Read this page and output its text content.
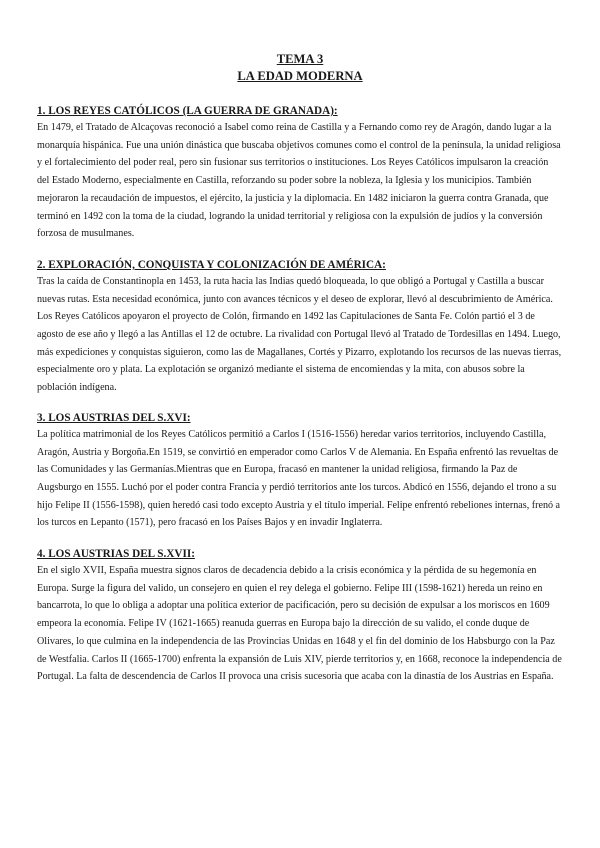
TEMA 3
LA EDAD MODERNA
1. LOS REYES CATÓLICOS (LA GUERRA DE GRANADA):

En 1479, el Tratado de Alcaçovas reconoció a Isabel como reina de Castilla y a Fernando como rey de Aragón, dando lugar a la monarquía hispánica. Fue una unión dinástica que buscaba objetivos comunes como el control de la península, la unidad religiosa y el fortalecimiento del poder real, pero sin fusionar sus territorios o instituciones. Los Reyes Católicos impulsaron la creación del Estado Moderno, especialmente en Castilla, reforzando su poder sobre la nobleza, la Iglesia y los municipios. También mejoraron la recaudación de impuestos, el ejército, la justicia y la diplomacia. En 1482 iniciaron la guerra contra Granada, que terminó en 1492 con la toma de la ciudad, logrando la unidad territorial y religiosa con la expulsión de judíos y la conversión forzosa de musulmanes.

2. EXPLORACIÓN, CONQUISTA Y COLONIZACIÓN DE AMÉRICA:

Tras la caída de Constantinopla en 1453, la ruta hacia las Indias quedó bloqueada, lo que obligó a Portugal y Castilla a buscar nuevas rutas. Esta necesidad económica, junto con avances técnicos y el deseo de explorar, llevó al descubrimiento de América. Los Reyes Católicos apoyaron el proyecto de Colón, firmando en 1492 las Capitulaciones de Santa Fe. Colón partió el 3 de agosto de ese año y llegó a las Antillas el 12 de octubre. La rivalidad con Portugal llevó al Tratado de Tordesillas en 1494. Luego, más expediciones y conquistas siguieron, como las de Magallanes, Cortés y Pizarro, explotando los recursos de las nuevas tierras, especialmente oro y plata. La explotación se organizó mediante el sistema de encomiendas y la mita, con abusos sobre la población indígena.

3. LOS AUSTRIAS DEL S.XVI:

La política matrimonial de los Reyes Católicos permitió a Carlos I (1516-1556) heredar varios territorios, incluyendo Castilla, Aragón, Austria y Borgoña.En 1519, se convirtió en emperador como Carlos V de Alemania. En España enfrentó las revueltas de las Comunidades y las Germanías.Mientras que en Europa, fracasó en mantener la unidad religiosa, firmando la Paz de Augsburgo en 1555. Luchó por el poder contra Francia y perdió territorios ante los turcos. Abdicó en 1556, dejando el trono a su hijo Felipe II (1556-1598), quien heredó casi todo excepto Austria y el título imperial. Felipe enfrentó rebeliones internas, frenó a los turcos en Lepanto (1571), pero fracasó en los Países Bajos y en invadir Inglaterra.

4. LOS AUSTRIAS DEL S.XVII:

En el siglo XVII, España muestra signos claros de decadencia debido a la crisis económica y la pérdida de su hegemonía en Europa. Surge la figura del valido, un consejero en quien el rey delega el gobierno. Felipe III (1598-1621) hereda un reino en bancarrota, lo que lo obliga a adoptar una política exterior de pacificación, pero su decisión de expulsar a los moriscos en 1609 empeora la economía. Felipe IV (1621-1665) reanuda guerras en Europa bajo la dirección de su valido, el conde duque de Olivares, lo que culmina en la independencia de las Provincias Unidas en 1648 y el fin del dominio de los Habsburgo con la Paz de Westfalia. Carlos II (1665-1700) enfrenta la expansión de Luis XIV, pierde territorios y, en 1668, reconoce la independencia de Portugal. La falta de descendencia de Carlos II provoca una crisis sucesoria que acaba con la dinastía de los Austrias en España.
